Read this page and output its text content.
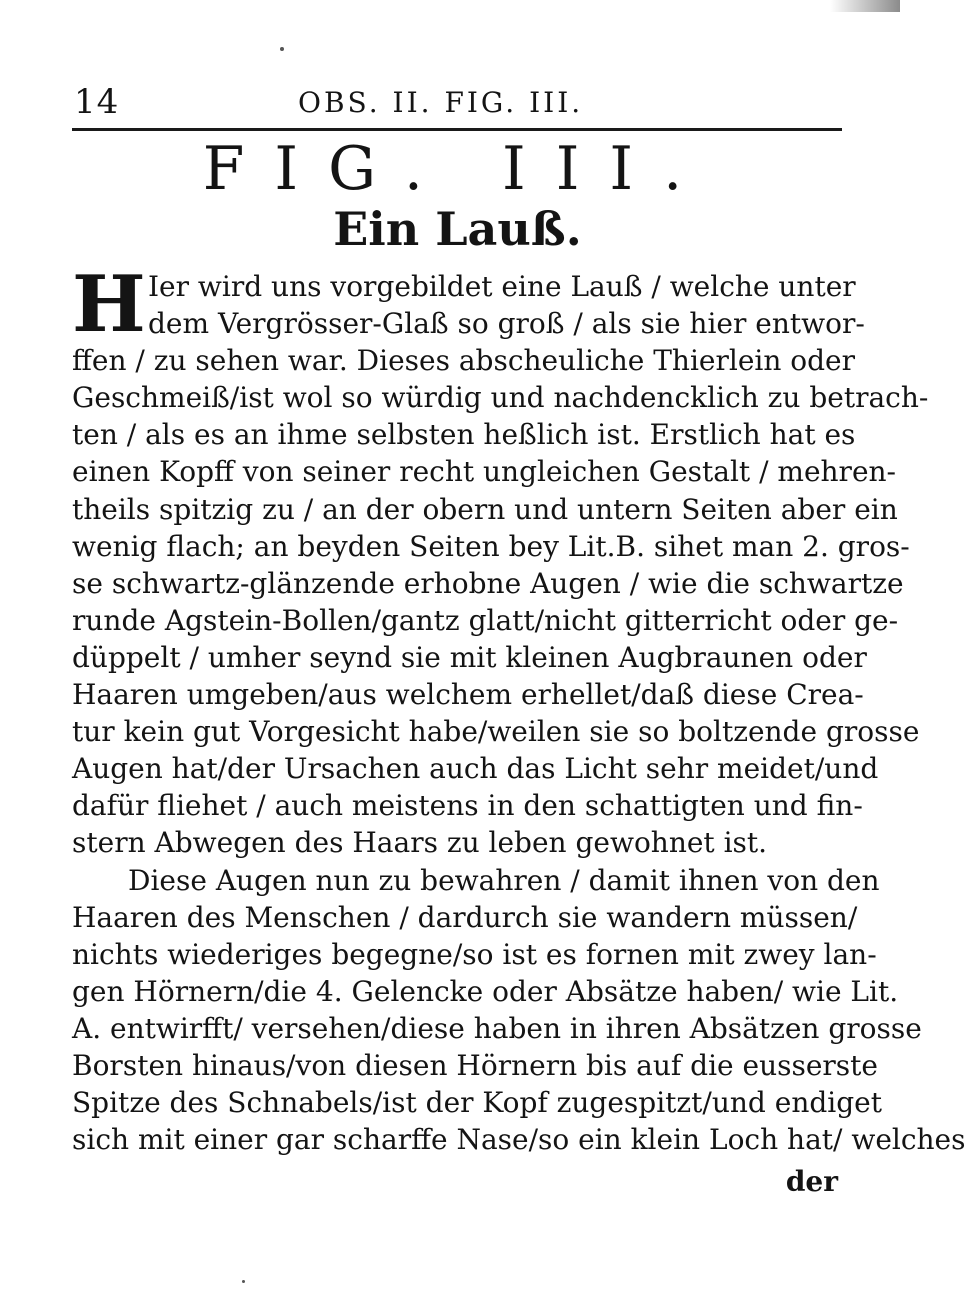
14	OBS. II. FIG. III.
FIG. III.
Ein Lauß.
H Ier wird uns vorgebildet eine Lauß / welche unter
dem Vergrösser-Glaß so groß / als sie hier entwor-
ffen / zu sehen war. Dieses abscheuliche Thierlein oder
Geschmeiß/ist wol so würdig und nachdencklich zu betrach-
ten / als es an ihme selbsten heßlich ist. Erstlich hat es
einen Kopff von seiner recht ungleichen Gestalt / mehren-
theils spitzig zu / an der obern und untern Seiten aber ein
wenig flach; an beyden Seiten bey Lit.B. sihet man 2. gros-
se schwartz-glänzende erhobne Augen / wie die schwartze
runde Agstein-Bollen/gantz glatt/nicht gitterricht oder ge-
düppelt / umher seynd sie mit kleinen Augbraunen oder
Haaren umgeben/aus welchem erhellet/daß diese Crea-
tur kein gut Vorgesicht habe/weilen sie so boltzende grosse
Augen hat/der Ursachen auch das Licht sehr meidet/und
dafür fliehet / auch meistens in den schattigten und fin-
stern Abwegen des Haars zu leben gewohnet ist.
Diese Augen nun zu bewahren / damit ihnen von den
Haaren des Menschen / dardurch sie wandern müssen/
nichts wiederiges begegne/so ist es fornen mit zwey lan-
gen Hörnern/die 4. Gelencke oder Absätze haben/ wie Lit.
A. entwirfft/ versehen/diese haben in ihren Absätzen grosse
Borsten hinaus/von diesen Hörnern bis auf die eusserste
Spitze des Schnabels/ist der Kopf zugespitzt/und endiget
sich mit einer gar scharffe Nase/so ein klein Loch hat/ welches
der
